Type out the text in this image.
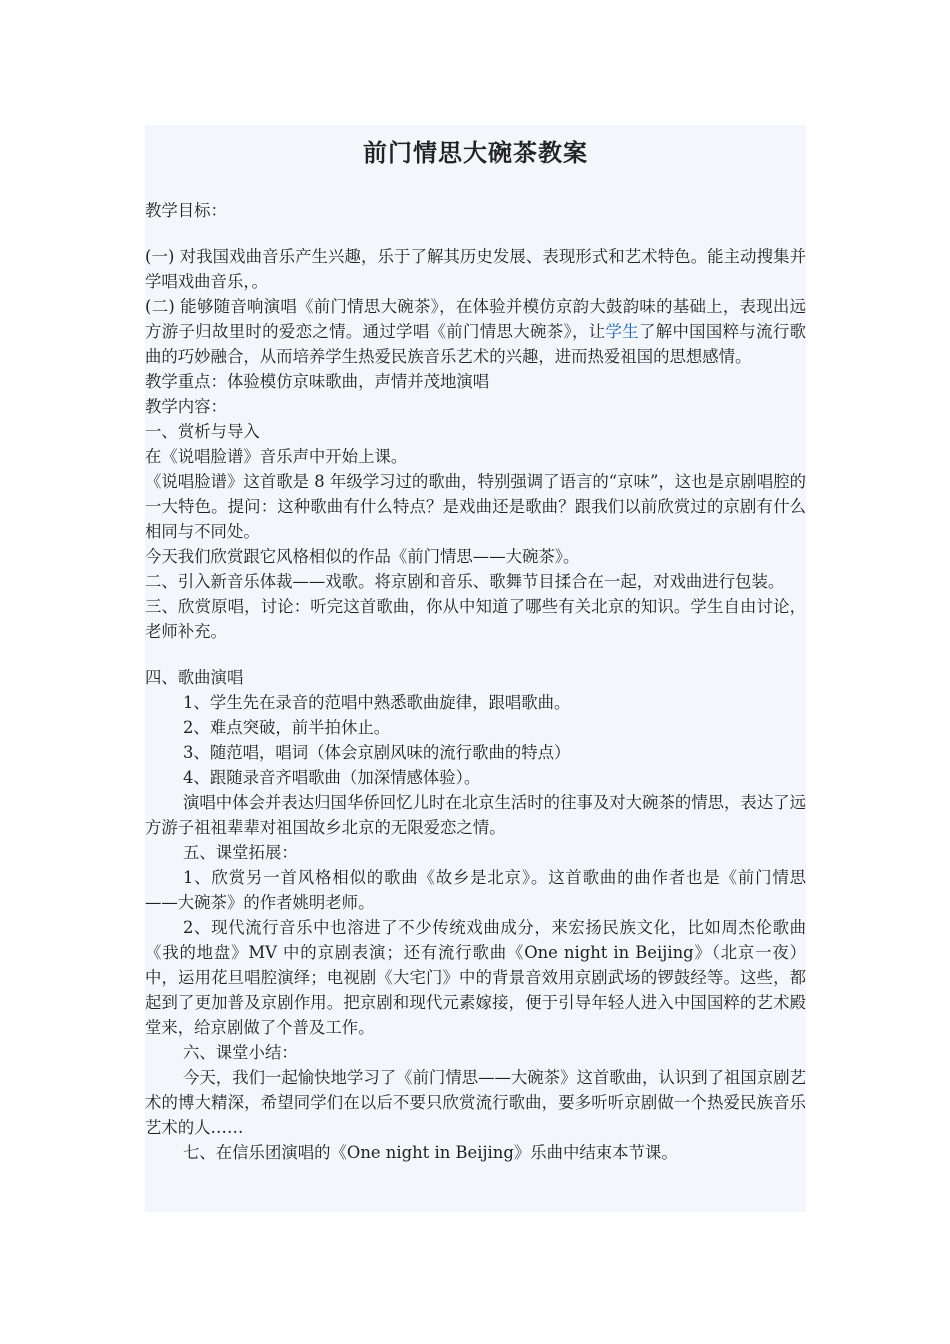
前门情思大碗茶教案

教学目标：

(一) 对我国戏曲音乐产生兴趣，乐于了解其历史发展、表现形式和艺术特色。能主动搜集并学唱戏曲音乐，。

(二) 能够随音响演唱《前门情思大碗茶》，在体验并模仿京韵大鼓韵味的基础上，表现出远方游子归故里时的爱恋之情。通过学唱《前门情思大碗茶》，让学生了解中国国粹与流行歌曲的巧妙融合，从而培养学生热爱民族音乐艺术的兴趣，进而热爱祖国的思想感情。

教学重点：体验模仿京味歌曲，声情并茂地演唱

教学内容：

一、赏析与导入

在《说唱脸谱》音乐声中开始上课。

《说唱脸谱》这首歌是 8 年级学习过的歌曲，特别强调了语言的“京味”，这也是京剧唱腔的一大特色。提问：这种歌曲有什么特点？是戏曲还是歌曲？跟我们以前欣赏过的京剧有什么相同与不同处。

今天我们欣赏跟它风格相似的作品《前门情思——大碗茶》。

二、引入新音乐体裁——戏歌。将京剧和音乐、歌舞节目揉合在一起，对戏曲进行包装。

三、欣赏原唱，讨论：听完这首歌曲，你从中知道了哪些有关北京的知识。学生自由讨论，老师补充。

四、歌曲演唱

1、学生先在录音的范唱中熟悉歌曲旋律，跟唱歌曲。

2、难点突破，前半拍休止。

3、随范唱，唱词（体会京剧风味的流行歌曲的特点）

4、跟随录音齐唱歌曲（加深情感体验）。

演唱中体会并表达归国华侨回忆儿时在北京生活时的往事及对大碗茶的情思，表达了远方游子祖祖辈辈对祖国故乡北京的无限爱恋之情。

五、课堂拓展：

1、欣赏另一首风格相似的歌曲《故乡是北京》。这首歌曲的曲作者也是《前门情思——大碗茶》的作者姚明老师。

2、现代流行音乐中也溶进了不少传统戏曲成分，来宏扬民族文化，比如周杰伦歌曲《我的地盘》MV 中的京剧表演；还有流行歌曲《One night in Beijing》（北京一夜）中，运用花旦唱腔演绎；电视剧《大宅门》中的背景音效用京剧武场的锣鼓经等。这些，都起到了更加普及京剧作用。把京剧和现代元素嫁接，便于引导年轻人进入中国国粹的艺术殿堂来，给京剧做了个普及工作。

六、课堂小结：

今天，我们一起愉快地学习了《前门情思——大碗茶》这首歌曲，认识到了祖国京剧艺术的博大精深，希望同学们在以后不要只欣赏流行歌曲，要多听听京剧做一个热爱民族音乐艺术的人……

七、在信乐团演唱的《One night in Beijing》乐曲中结束本节课。
